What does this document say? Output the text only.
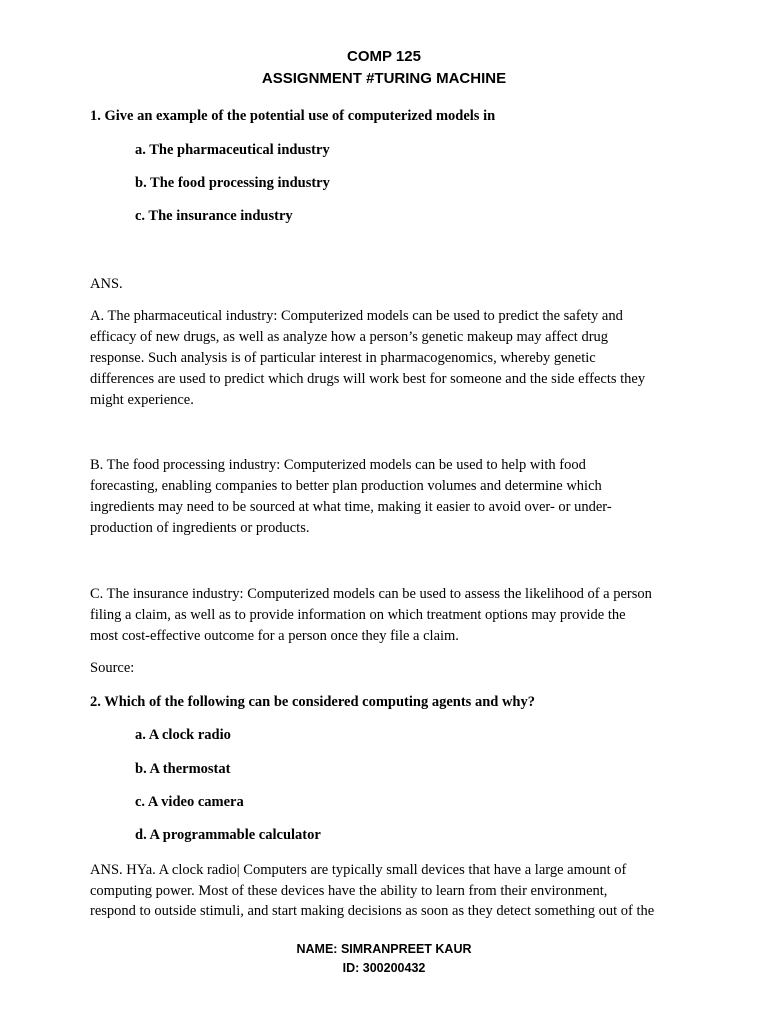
COMP 125
ASSIGNMENT #TURING MACHINE
1. Give an example of the potential use of computerized models in
a. The pharmaceutical industry
b. The food processing industry
c. The insurance industry
ANS.
A. The pharmaceutical industry: Computerized models can be used to predict the safety and
efficacy of new drugs, as well as analyze how a person’s genetic makeup may affect drug
response. Such analysis is of particular interest in pharmacogenomics, whereby genetic
differences are used to predict which drugs will work best for someone and the side effects they
might experience.
B. The food processing industry: Computerized models can be used to help with food
forecasting, enabling companies to better plan production volumes and determine which
ingredients may need to be sourced at what time, making it easier to avoid over- or under-
production of ingredients or products.
C. The insurance industry: Computerized models can be used to assess the likelihood of a person
filing a claim, as well as to provide information on which treatment options may provide the
most cost-effective outcome for a person once they file a claim.
Source:
2. Which of the following can be considered computing agents and why?
a. A clock radio
b. A thermostat
c. A video camera
d. A programmable calculator
ANS. HYa. A clock radio| Computers are typically small devices that have a large amount of
computing power. Most of these devices have the ability to learn from their environment,
respond to outside stimuli, and start making decisions as soon as they detect something out of the
NAME: SIMRANPREET KAUR
ID: 300200432
